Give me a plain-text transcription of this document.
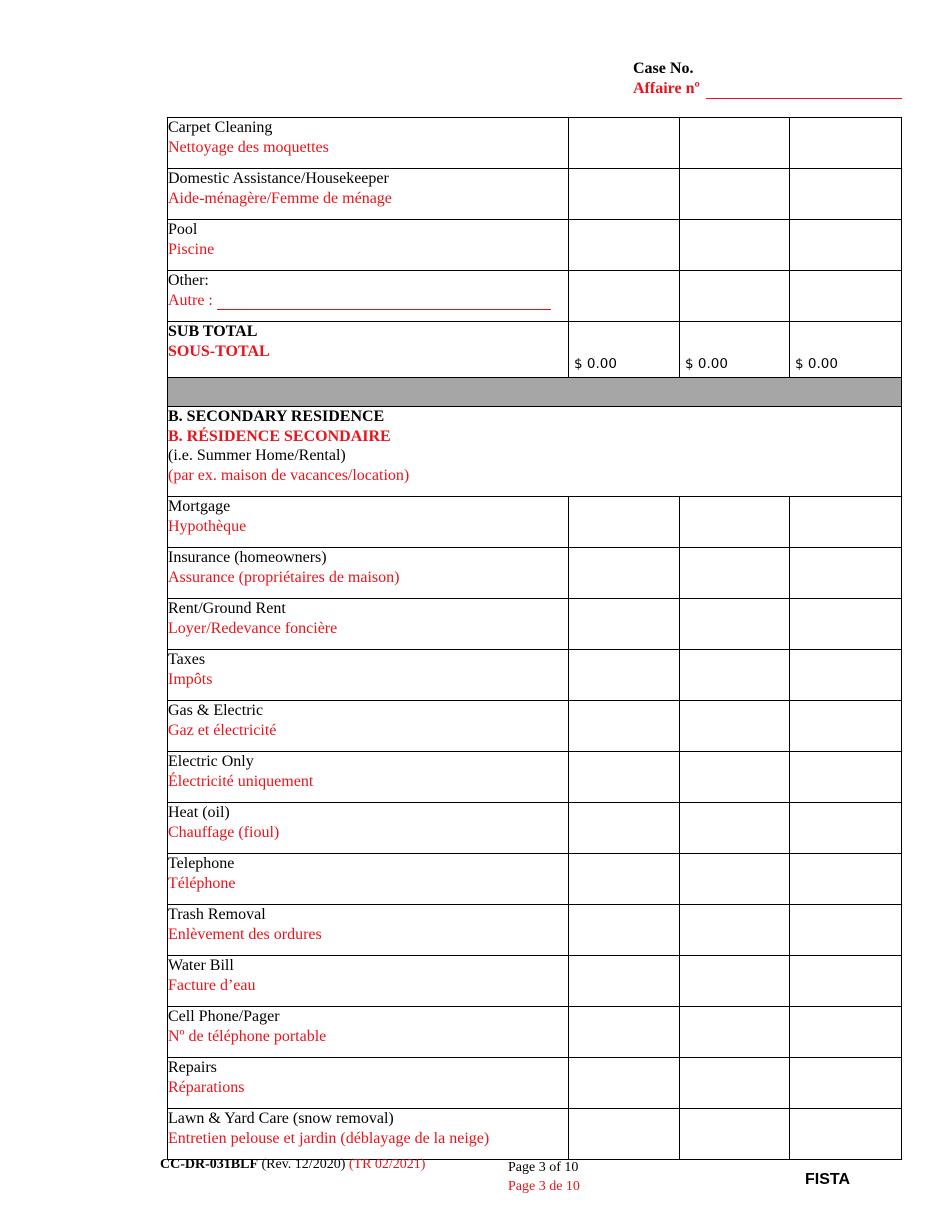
Case No.
Affaire nº
Carpet Cleaning
Nettoyage des moquettes			

Domestic Assistance/Housekeeper
Aide-ménagère/Femme de ménage			

Pool
Piscine			

Other:
Autre :			

SUB TOTAL
SOUS-TOTAL	$ 0.00	$ 0.00	$ 0.00

B. SECONDARY RESIDENCE
B. RÉSIDENCE SECONDAIRE
(i.e. Summer Home/Rental)
(par ex. maison de vacances/location)			

Mortgage
Hypothèque			

Insurance (homeowners)
Assurance (propriétaires de maison)			

Rent/Ground Rent
Loyer/Redevance foncière			

Taxes
Impôts			

Gas & Electric
Gaz et électricité			

Electric Only
Électricité uniquement			

Heat (oil)
Chauffage (fioul)			

Telephone
Téléphone			

Trash Removal
Enlèvement des ordures			

Water Bill
Facture d’eau			

Cell Phone/Pager
Nº de téléphone portable			

Repairs
Réparations			

Lawn & Yard Care (snow removal)
Entretien pelouse et jardin (déblayage de la neige)			

CC-DR-031BLF (Rev. 12/2020) (TR 02/2021)	Page 3 of 10
Page 3 de 10	FISTA
